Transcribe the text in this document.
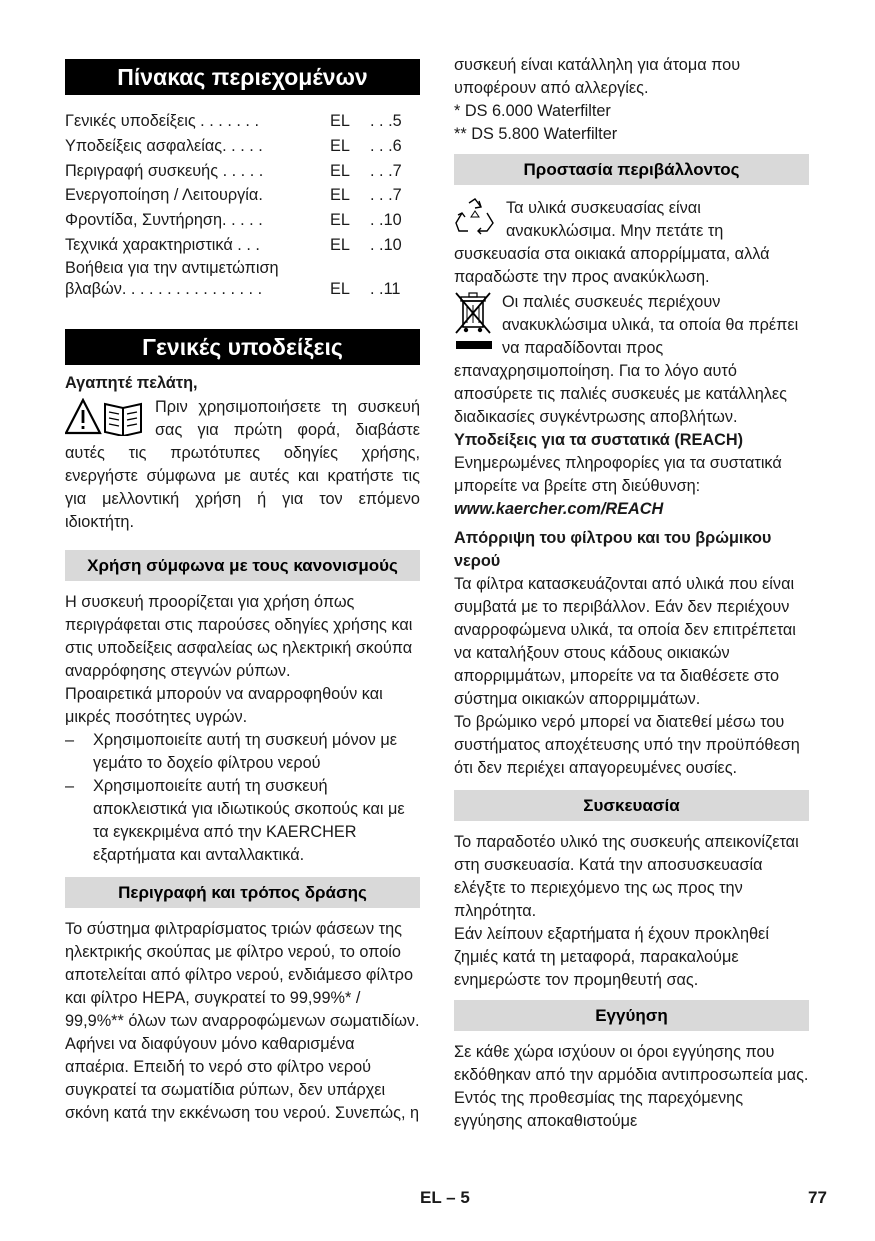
Πίνακας περιεχομένων
Γενικές υποδείξεις . . . . . . .	EL	. . .5
Υποδείξεις ασφαλείας. . . . .	EL	. . .6
Περιγραφή συσκευής . . . . .	EL	. . .7
Ενεργοποίηση / Λειτουργία.	EL	. . .7
Φροντίδα, Συντήρηση. . . . .	EL	. .10
Τεχνικά χαρακτηριστικά . . .	EL	. .10
Βοήθεια για την αντιμετώπιση
βλαβών. . . . . . . . . . . . . . . .	EL	. .11
Γενικές υποδείξεις

Αγαπητέ πελάτη,

Πριν χρησιμοποιήσετε τη συσκευή σας για πρώτη φορά, διαβάστε αυτές τις πρωτότυπες οδηγίες χρήσης, ενεργήστε σύμφωνα με αυτές και κρατήστε τις για μελλοντική χρήση ή για τον επόμενο ιδιοκτήτη.

Χρήση σύμφωνα με τους κανονισμούς

Η συσκευή προορίζεται για χρήση όπως περιγράφεται στις παρούσες οδηγίες χρήσης και στις υποδείξεις ασφαλείας ως ηλεκτρική σκούπα αναρρόφησης στεγνών ρύπων.

Προαιρετικά μπορούν να αναρροφηθούν και μικρές ποσότητες υγρών.

–	Χρησιμοποιείτε αυτή τη συσκευή μόνον με γεμάτο το δοχείο φίλτρου νερού
–	Χρησιμοποιείτε αυτή τη συσκευή αποκλειστικά για ιδιωτικούς σκοπούς και με τα εγκεκριμένα από την KAERCHER εξαρτήματα και ανταλλακτικά.
Περιγραφή και τρόπος δράσης

Το σύστημα φιλτραρίσματος τριών φάσεων της ηλεκτρικής σκούπας με φίλτρο νερού, το οποίο αποτελείται από φίλτρο νερού, ενδιάμεσο φίλτρο και φίλτρο HEPA, συγκρατεί το 99,99%* / 99,9%** όλων των αναρροφώμενων σωματιδίων. Αφήνει να διαφύγουν μόνο καθαρισμένα απαέρια. Επειδή το νερό στο φίλτρο νερού συγκρατεί τα σωματίδια ρύπων, δεν υπάρχει σκόνη κατά την εκκένωση του νερού. Συνεπώς, η

συσκευή είναι κατάλληλη για άτομα που υποφέρουν από αλλεργίες.

* DS 6.000 Waterfilter

** DS 5.800 Waterfilter

Προστασία περιβάλλοντος

Τα υλικά συσκευασίας είναι ανακυκλώσιμα. Μην πετάτε τη συσκευασία στα οικιακά απορρίμματα, αλλά παραδώστε την προς ανακύκλωση.

Οι παλιές συσκευές περιέχουν ανακυκλώσιμα υλικά, τα οποία θα πρέπει να παραδίδονται προς επαναχρησιμοποίηση. Για το λόγο αυτό αποσύρετε τις παλιές συσκευές με κατάλληλες διαδικασίες συγκέντρωσης αποβλήτων.

Υποδείξεις για τα συστατικά (REACH)

Ενημερωμένες πληροφορίες για τα συστατικά μπορείτε να βρείτε στη διεύθυνση:

www.kaercher.com/REACH

Απόρριψη του φίλτρου και του βρώμικου νερού

Τα φίλτρα κατασκευάζονται από υλικά που είναι συμβατά με το περιβάλλον. Εάν δεν περιέχουν αναρροφώμενα υλικά, τα οποία δεν επιτρέπεται να καταλήξουν στους κάδους οικιακών απορριμμάτων, μπορείτε να τα διαθέσετε στο σύστημα οικιακών απορριμμάτων.

Το βρώμικο νερό μπορεί να διατεθεί μέσω του συστήματος αποχέτευσης υπό την προϋπόθεση ότι δεν περιέχει απαγορευμένες ουσίες.

Συσκευασία

Το παραδοτέο υλικό της συσκευής απεικονίζεται στη συσκευασία. Κατά την αποσυσκευασία ελέγξτε το περιεχόμενο της ως προς την πληρότητα.

Εάν λείπουν εξαρτήματα ή έχουν προκληθεί ζημιές κατά τη μεταφορά, παρακαλούμε ενημερώστε τον προμηθευτή σας.

Εγγύηση

Σε κάθε χώρα ισχύουν οι όροι εγγύησης που εκδόθηκαν από την αρμόδια αντιπροσωπεία μας. Εντός της προθεσμίας της παρεχόμενης εγγύησης αποκαθιστούμε

EL – 5	77
